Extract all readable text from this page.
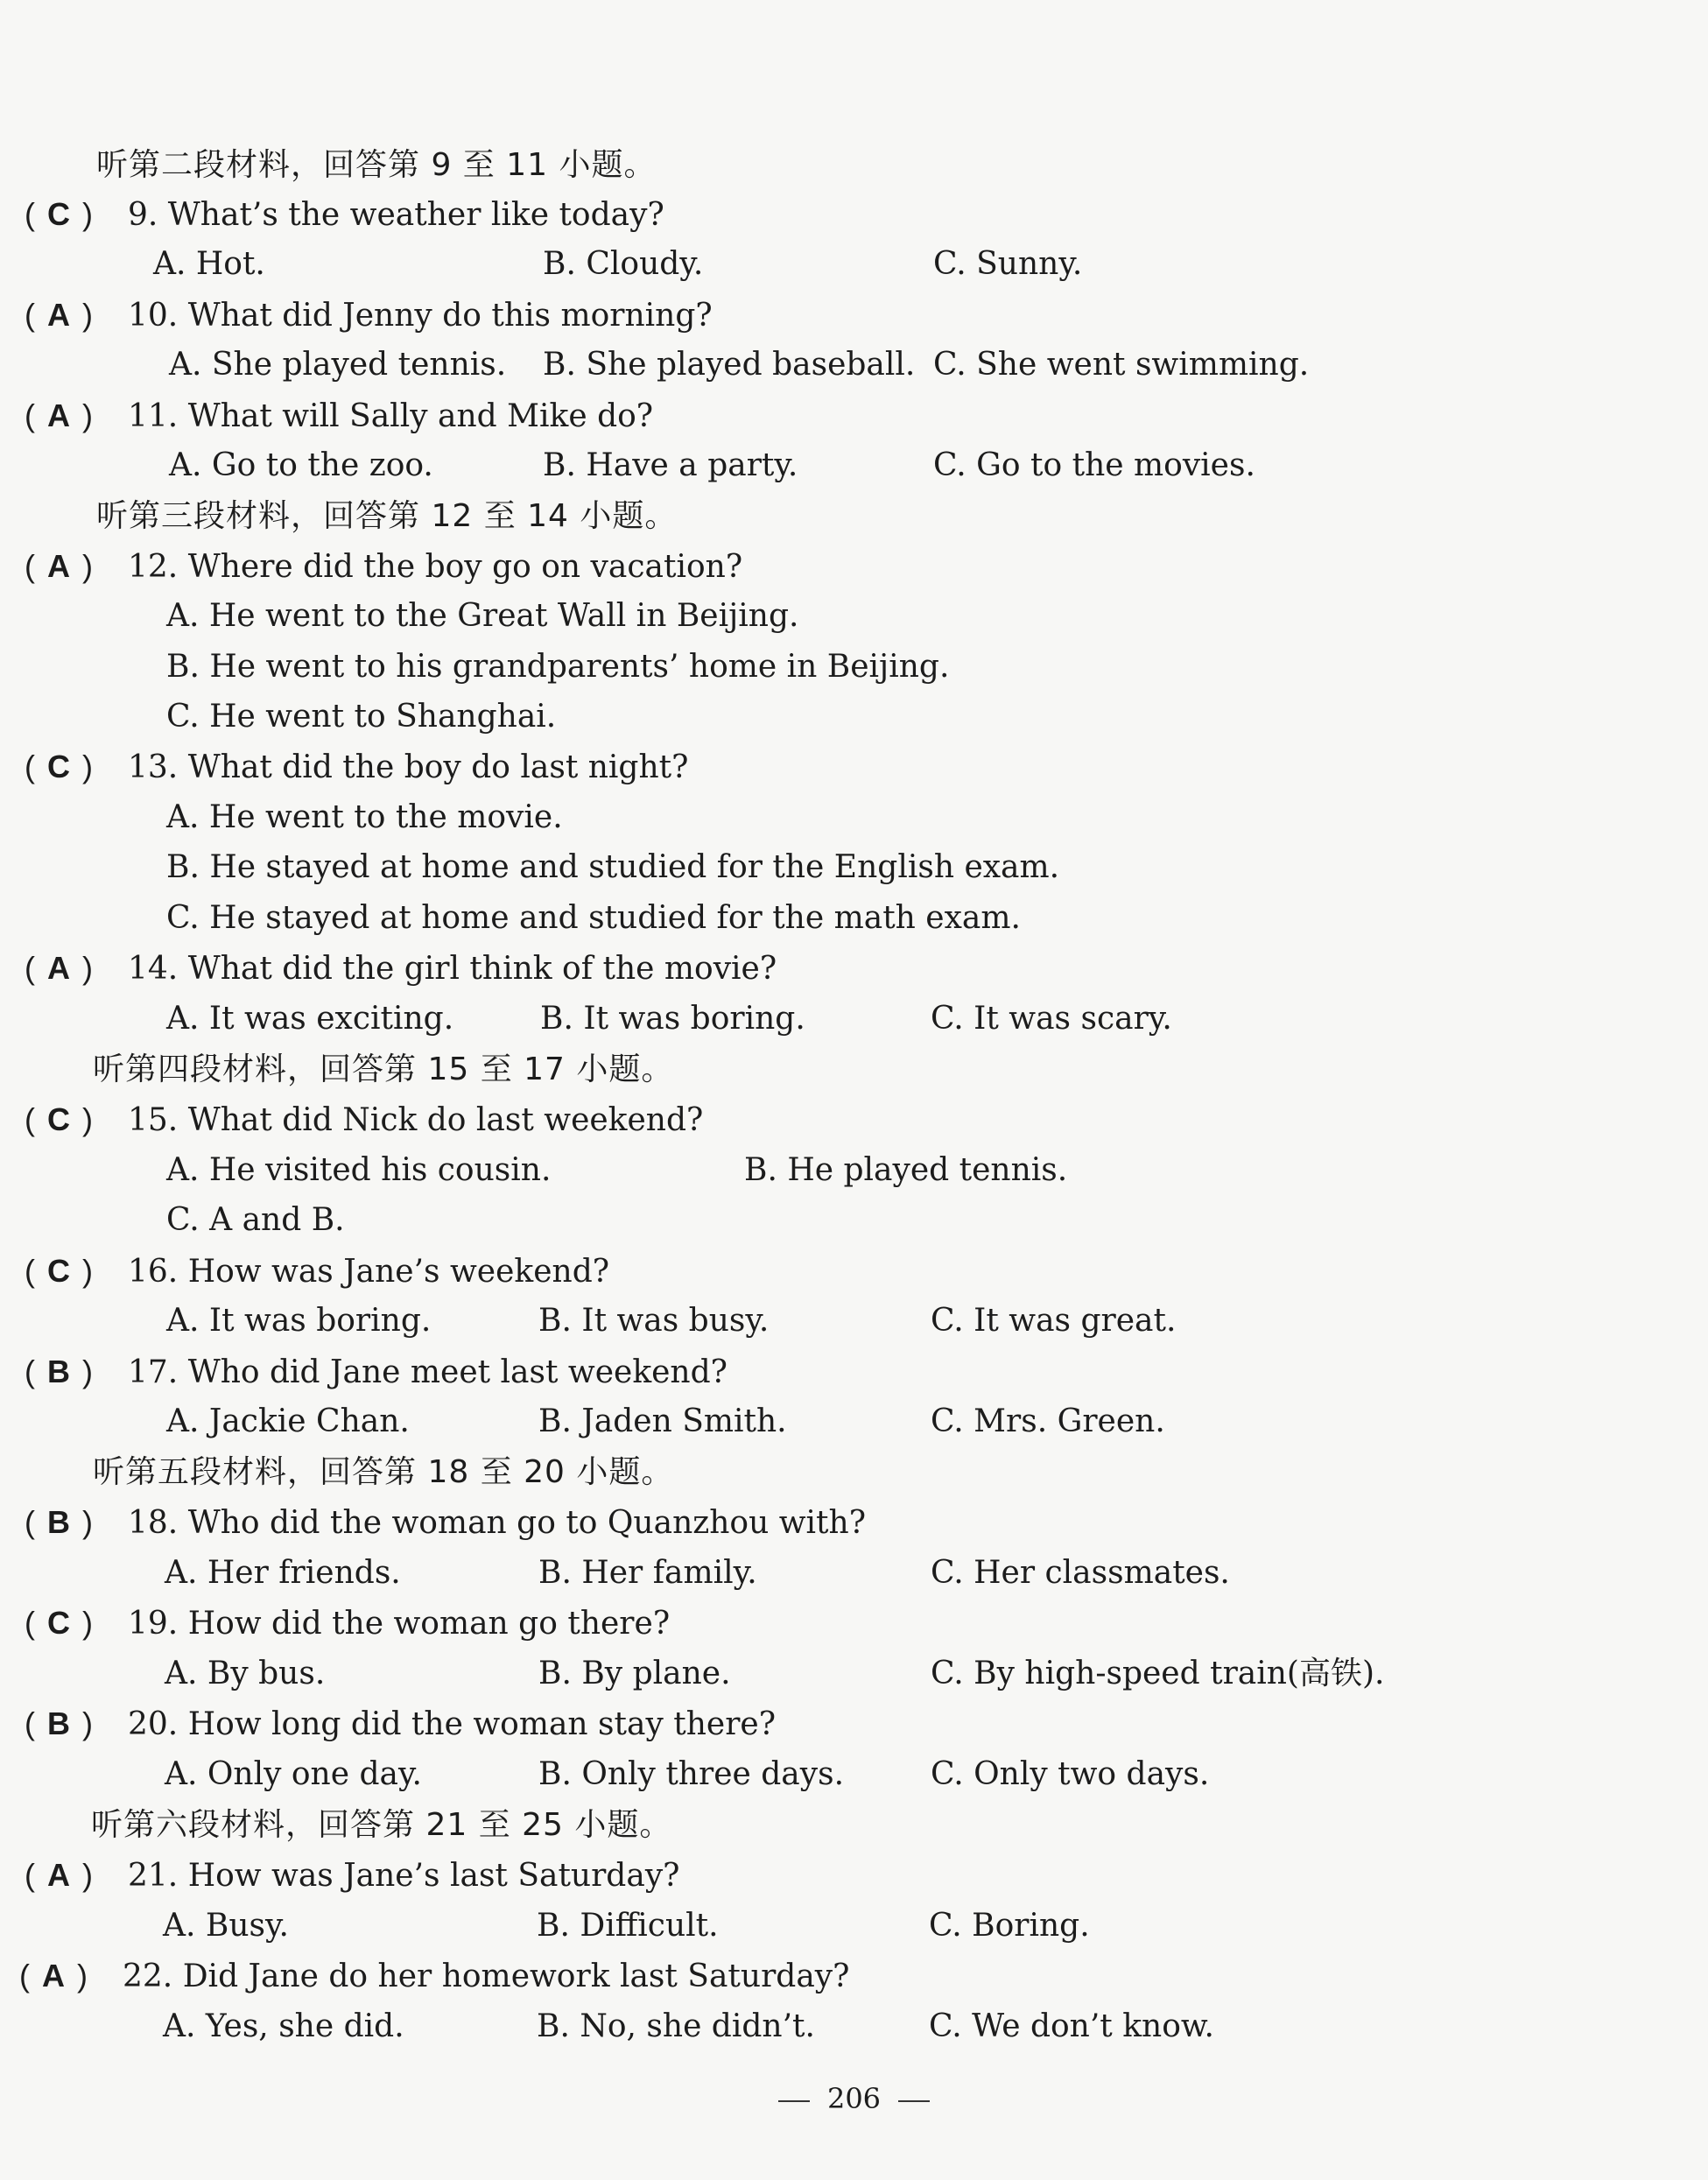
听第二段材料，回答第 9 至 11 小题。
( C ) 9. What’s the weather like today?
A. Hot.	B. Cloudy.	C. Sunny.
( A ) 10. What did Jenny do this morning?
A. She played tennis. B. She played baseball. C. She went swimming.
( A ) 11. What will Sally and Mike do?
A. Go to the zoo.	B. Have a party.	C. Go to the movies.
听第三段材料，回答第 12 至 14 小题。
( A ) 12. Where did the boy go on vacation?
A. He went to the Great Wall in Beijing.
B. He went to his grandparents’ home in Beijing.
C. He went to Shanghai.
( C ) 13. What did the boy do last night?
A. He went to the movie.
B. He stayed at home and studied for the English exam.
C. He stayed at home and studied for the math exam.
( A ) 14. What did the girl think of the movie?
A. It was exciting.	B. It was boring.	C. It was scary.
听第四段材料，回答第 15 至 17 小题。
( C ) 15. What did Nick do last weekend?
A. He visited his cousin.	B. He played tennis.
C. A and B.
( C ) 16. How was Jane’s weekend?
A. It was boring.	B. It was busy.	C. It was great.
( B ) 17. Who did Jane meet last weekend?
A. Jackie Chan.	B. Jaden Smith.	C. Mrs. Green.
听第五段材料，回答第 18 至 20 小题。
( B ) 18. Who did the woman go to Quanzhou with?
A. Her friends.	B. Her family.	C. Her classmates.
( C ) 19. How did the woman go there?
A. By bus.	B. By plane.	C. By high-speed train(高铁).
( B ) 20. How long did the woman stay there?
A. Only one day.	B. Only three days.	C. Only two days.
听第六段材料，回答第 21 至 25 小题。
( A ) 21. How was Jane’s last Saturday?
A. Busy.	B. Difficult.	C. Boring.
( A ) 22. Did Jane do her homework last Saturday?
A. Yes, she did.	B. No, she didn’t.	C. We don’t know.
206
